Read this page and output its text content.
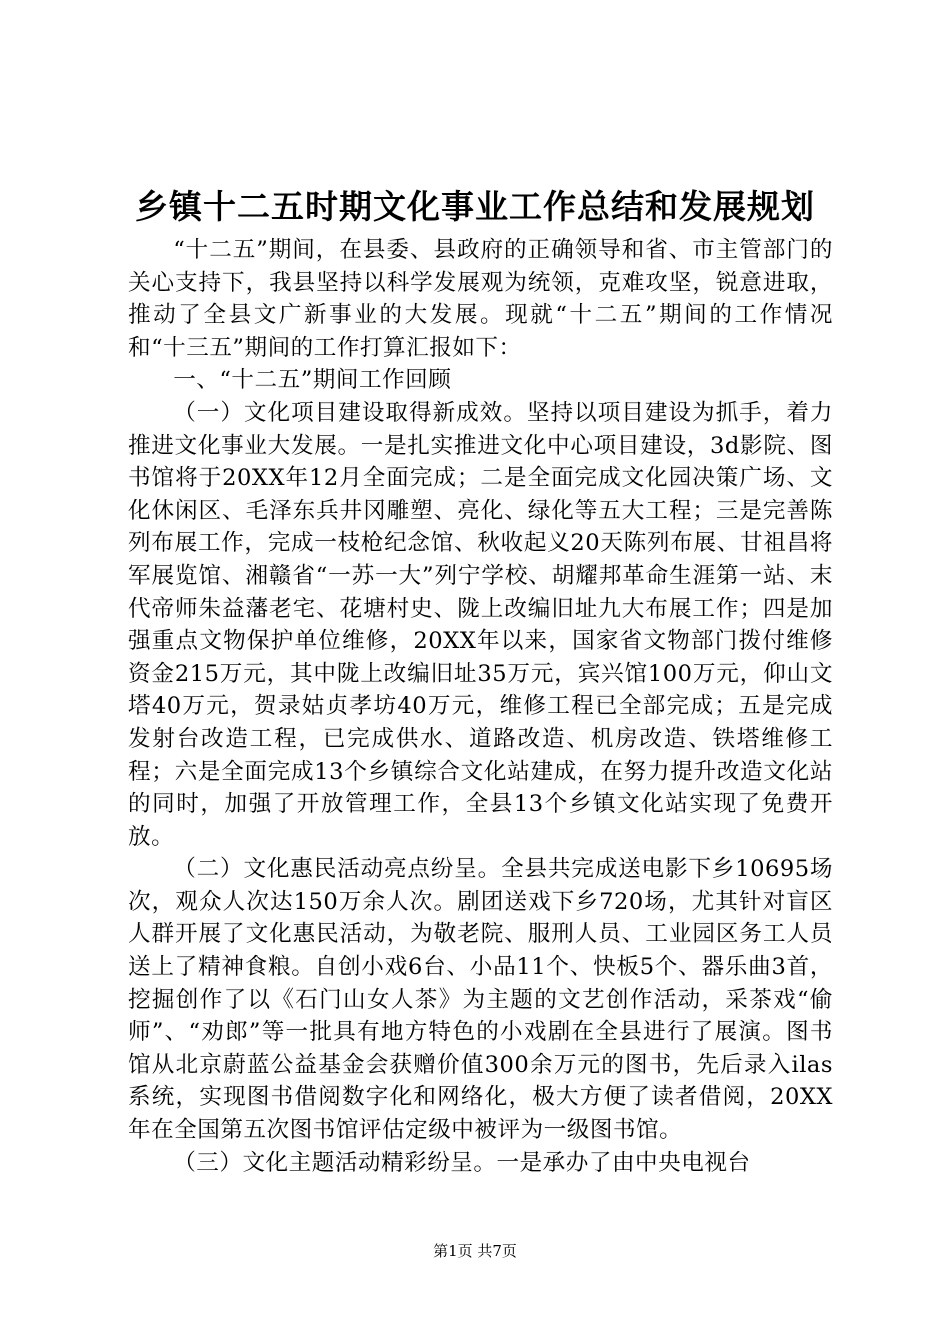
乡镇十二五时期文化事业工作总结和发展规划

“十二五”期间，在县委、县政府的正确领导和省、市主管部门的关心支持下，我县坚持以科学发展观为统领，克难攻坚，锐意进取，推动了全县文广新事业的大发展。现就“十二五”期间的工作情况和“十三五”期间的工作打算汇报如下：

一、“十二五”期间工作回顾

（一）文化项目建设取得新成效。坚持以项目建设为抓手，着力推进文化事业大发展。一是扎实推进文化中心项目建设，3d影院、图书馆将于20XX年12月全面完成；二是全面完成文化园决策广场、文化休闲区、毛泽东兵井冈雕塑、亮化、绿化等五大工程；三是完善陈列布展工作，完成一枝枪纪念馆、秋收起义20天陈列布展、甘祖昌将军展览馆、湘赣省“一苏一大”列宁学校、胡耀邦革命生涯第一站、末代帝师朱益藩老宅、花塘村史、陇上改编旧址九大布展工作；四是加强重点文物保护单位维修，20XX年以来，国家省文物部门拨付维修资金215万元，其中陇上改编旧址35万元，宾兴馆100万元，仰山文塔40万元，贺录姑贞孝坊40万元，维修工程已全部完成；五是完成发射台改造工程，已完成供水、道路改造、机房改造、铁塔维修工程；六是全面完成13个乡镇综合文化站建成，在努力提升改造文化站的同时，加强了开放管理工作，全县13个乡镇文化站实现了免费开放。

（二）文化惠民活动亮点纷呈。全县共完成送电影下乡10695场次，观众人次达150万余人次。剧团送戏下乡720场，尤其针对盲区人群开展了文化惠民活动，为敬老院、服刑人员、工业园区务工人员送上了精神食粮。自创小戏6台、小品11个、快板5个、器乐曲3首，挖掘创作了以《石门山女人茶》为主题的文艺创作活动，采茶戏“偷师”、“劝郎”等一批具有地方特色的小戏剧在全县进行了展演。图书馆从北京蔚蓝公益基金会获赠价值300余万元的图书，先后录入ilas系统，实现图书借阅数字化和网络化，极大方便了读者借阅，20XX年在全国第五次图书馆评估定级中被评为一级图书馆。

（三）文化主题活动精彩纷呈。一是承办了由中央电视台

第1页 共7页
